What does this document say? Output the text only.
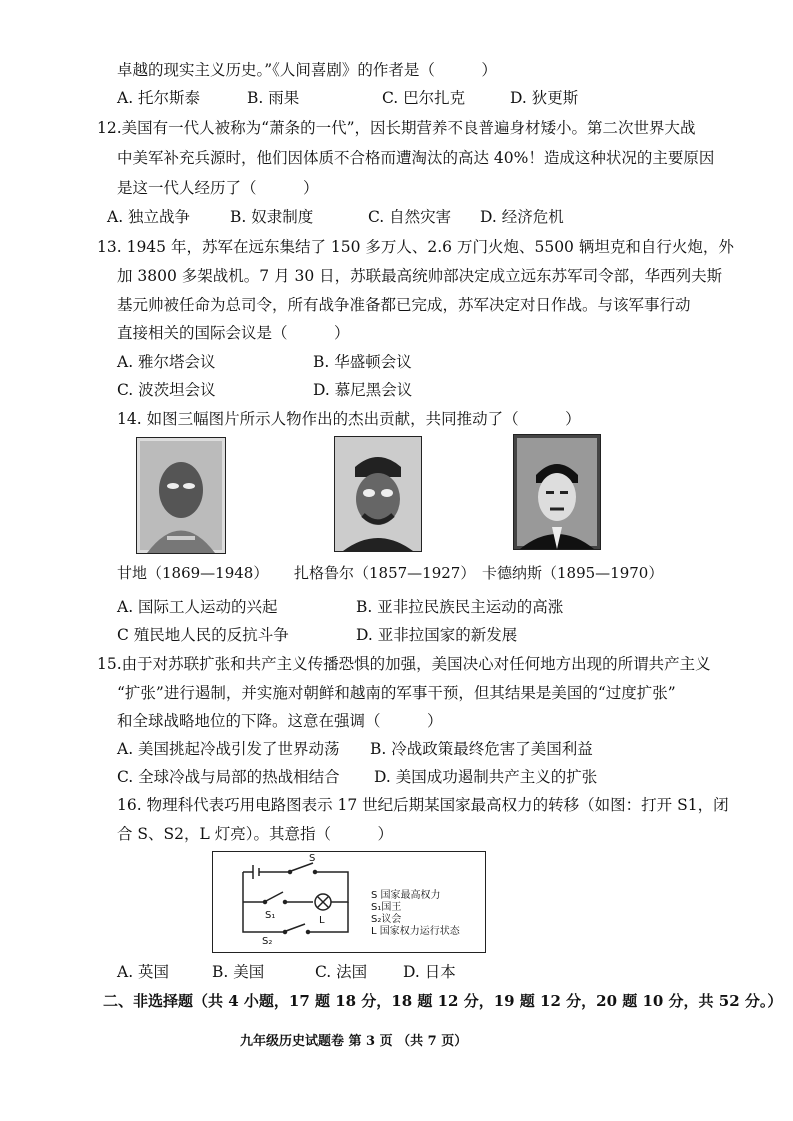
卓越的现实主义历史。”《人间喜剧》的作者是（　　　）
A. 托尔斯泰	B. 雨果	C. 巴尔扎克	D. 狄更斯
12.美国有一代人被称为“萧条的一代”，因长期营养不良普遍身材矮小。第二次世界大战
中美军补充兵源时，他们因体质不合格而遭淘汰的高达 40%！造成这种状况的主要原因
是这一代人经历了（　　　）
A. 独立战争	B. 奴隶制度	C. 自然灾害 D. 经济危机
13. 1945 年，苏军在远东集结了 150 多万人、2.6 万门火炮、5500 辆坦克和自行火炮，外
加 3800 多架战机。7 月 30 日，苏联最高统帅部决定成立远东苏军司令部，华西列夫斯
基元帅被任命为总司令，所有战争准备都已完成，苏军决定对日作战。与该军事行动
直接相关的国际会议是（　　　）
A. 雅尔塔会议	B. 华盛顿会议
C. 波茨坦会议	D. 慕尼黑会议
14. 如图三幅图片所示人物作出的杰出贡献，共同推动了（　　　）
甘地（1869—1948） 扎格鲁尔（1857—1927） 卡德纳斯（1895—1970）
A. 国际工人运动的兴起	B. 亚非拉民族民主运动的高涨
C 殖民地人民的反抗斗争	D. 亚非拉国家的新发展
15.由于对苏联扩张和共产主义传播恐惧的加强，美国决心对任何地方出现的所谓共产主义
“扩张”进行遏制，并实施对朝鲜和越南的军事干预，但其结果是美国的“过度扩张”
和全球战略地位的下降。这意在强调（　　　）
A. 美国挑起冷战引发了世界动荡 B. 冷战政策最终危害了美国利益
C. 全球冷战与局部的热战相结合 D. 美国成功遏制共产主义的扩张
16. 物理科代表巧用电路图表示 17 世纪后期某国家最高权力的转移（如图：打开 S1，闭
合 S、S2，L 灯亮）。其意指（　　　）
S
S₁
S₂
L
S 国家最高权力
S₁国王
S₂议会
L 国家权力运行状态
A. 英国	B. 美国	C. 法国 D. 日本
二、非选择题（共 4 小题，17 题 18 分，18 题 12 分，19 题 12 分，20 题 10 分，共 52 分。）
九年级历史试题卷 第 3 页 （共 7 页）
